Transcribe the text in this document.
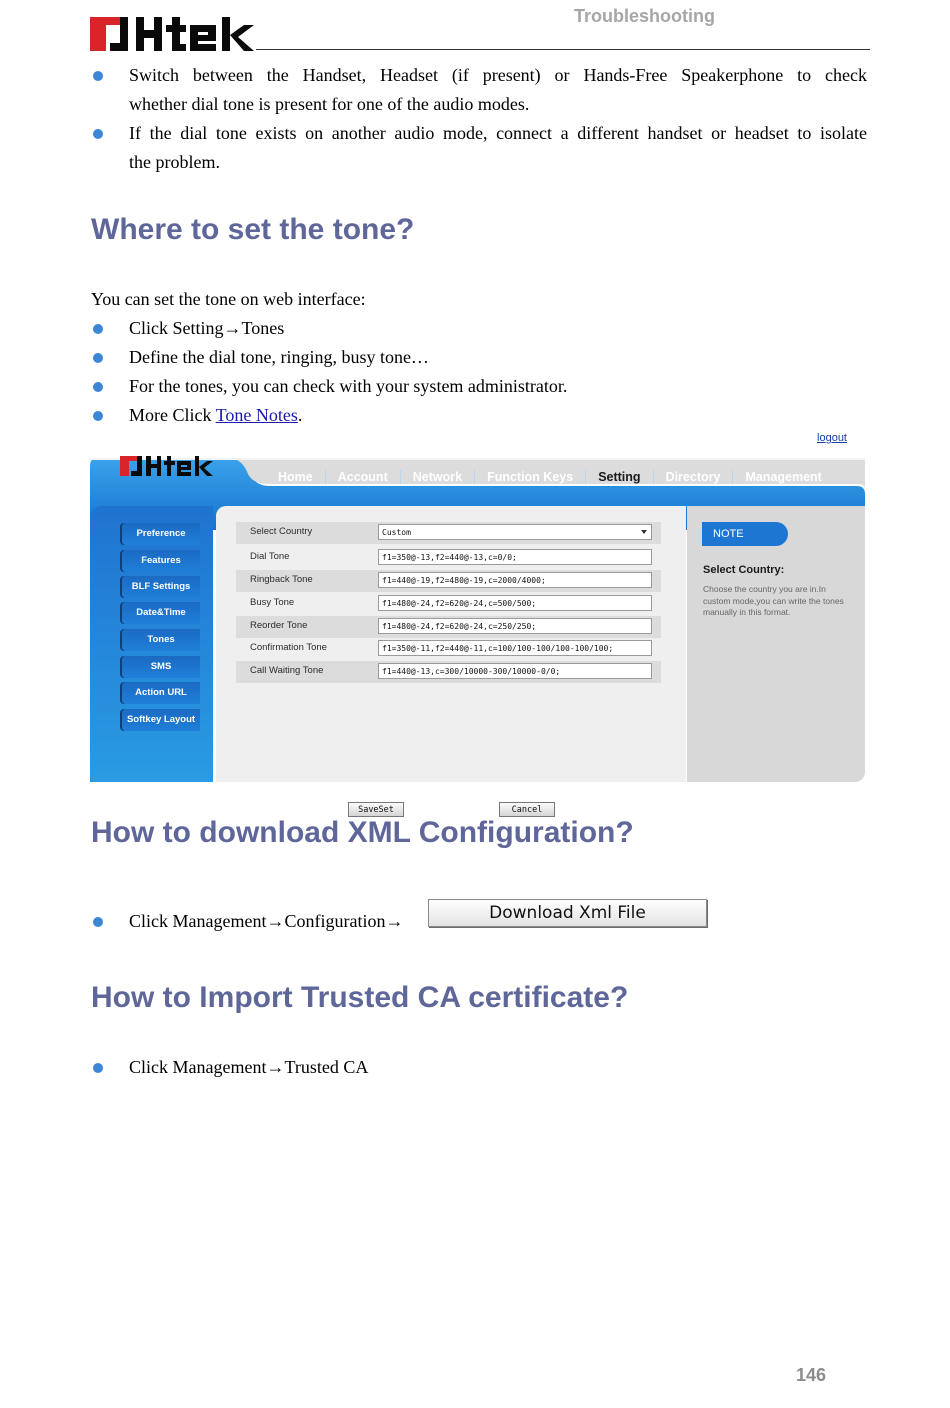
Troubleshooting
Switch between the Handset, Headset (if present) or Hands-Free Speakerphone to check
whether dial tone is present for one of the audio modes.
If the dial tone exists on another audio mode, connect a different handset or headset to isolate
the problem.
Where to set the tone?
You can set the tone on web interface:
Click Setting→Tones
Define the dial tone, ringing, busy tone…
For the tones, you can check with your system administrator.
More Click Tone Notes.
logout
Home	Account	Network	Function Keys	Setting	Directory	Management
Preference
Features
BLF Settings
Date&Time
Tones
SMS
Action URL
Softkey Layout
Select Country	Custom
Dial Tone	f1=350@-13,f2=440@-13,c=0/0;
Ringback Tone	f1=440@-19,f2=480@-19,c=2000/4000;
Busy Tone	f1=480@-24,f2=620@-24,c=500/500;
Reorder Tone	f1=480@-24,f2=620@-24,c=250/250;
Confirmation Tone	f1=350@-11,f2=440@-11,c=100/100-100/100-100/100;
Call Waiting Tone	f1=440@-13,c=300/10000-300/10000-0/0;
SaveSet	Cancel
NOTE
Select Country:
Choose the country you are in.In custom mode,you can write the tones manually in this format.
How to download XML Configuration?
Click Management→Configuration→	Download Xml File
How to Import Trusted CA certificate?
Click Management→Trusted CA
146
